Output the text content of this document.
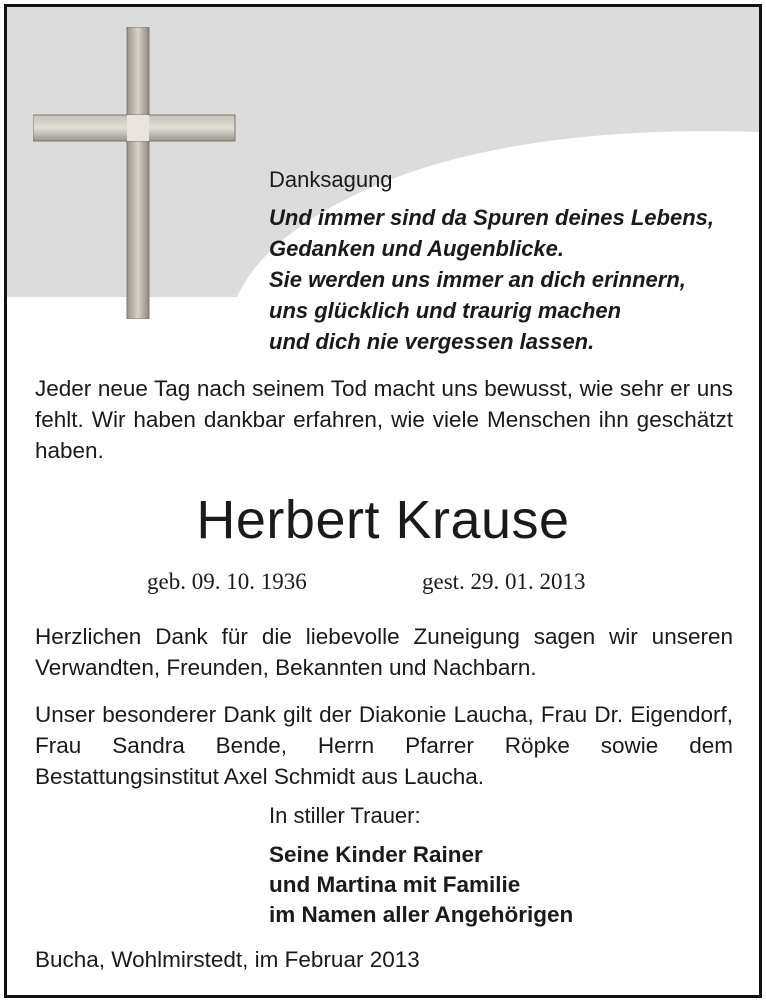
Danksagung
Und immer sind da Spuren deines Lebens,
Gedanken und Augenblicke.
Sie werden uns immer an dich erinnern,
uns glücklich und traurig machen
und dich nie vergessen lassen.
Jeder neue Tag nach seinem Tod macht uns bewusst, wie sehr er uns fehlt. Wir haben dankbar erfahren, wie viele Menschen ihn geschätzt haben.
Herbert Krause
geb. 09. 10. 1936	gest. 29. 01. 2013
Herzlichen Dank für die liebevolle Zuneigung sagen wir unseren Verwandten, Freunden, Bekannten und Nachbarn.
Unser besonderer Dank gilt der Diakonie Laucha, Frau Dr. Eigendorf, Frau Sandra Bende, Herrn Pfarrer Röpke sowie dem Bestattungsinstitut Axel Schmidt aus Laucha.
In stiller Trauer:
Seine Kinder Rainer
und Martina mit Familie
im Namen aller Angehörigen
Bucha, Wohlmirstedt, im Februar 2013
